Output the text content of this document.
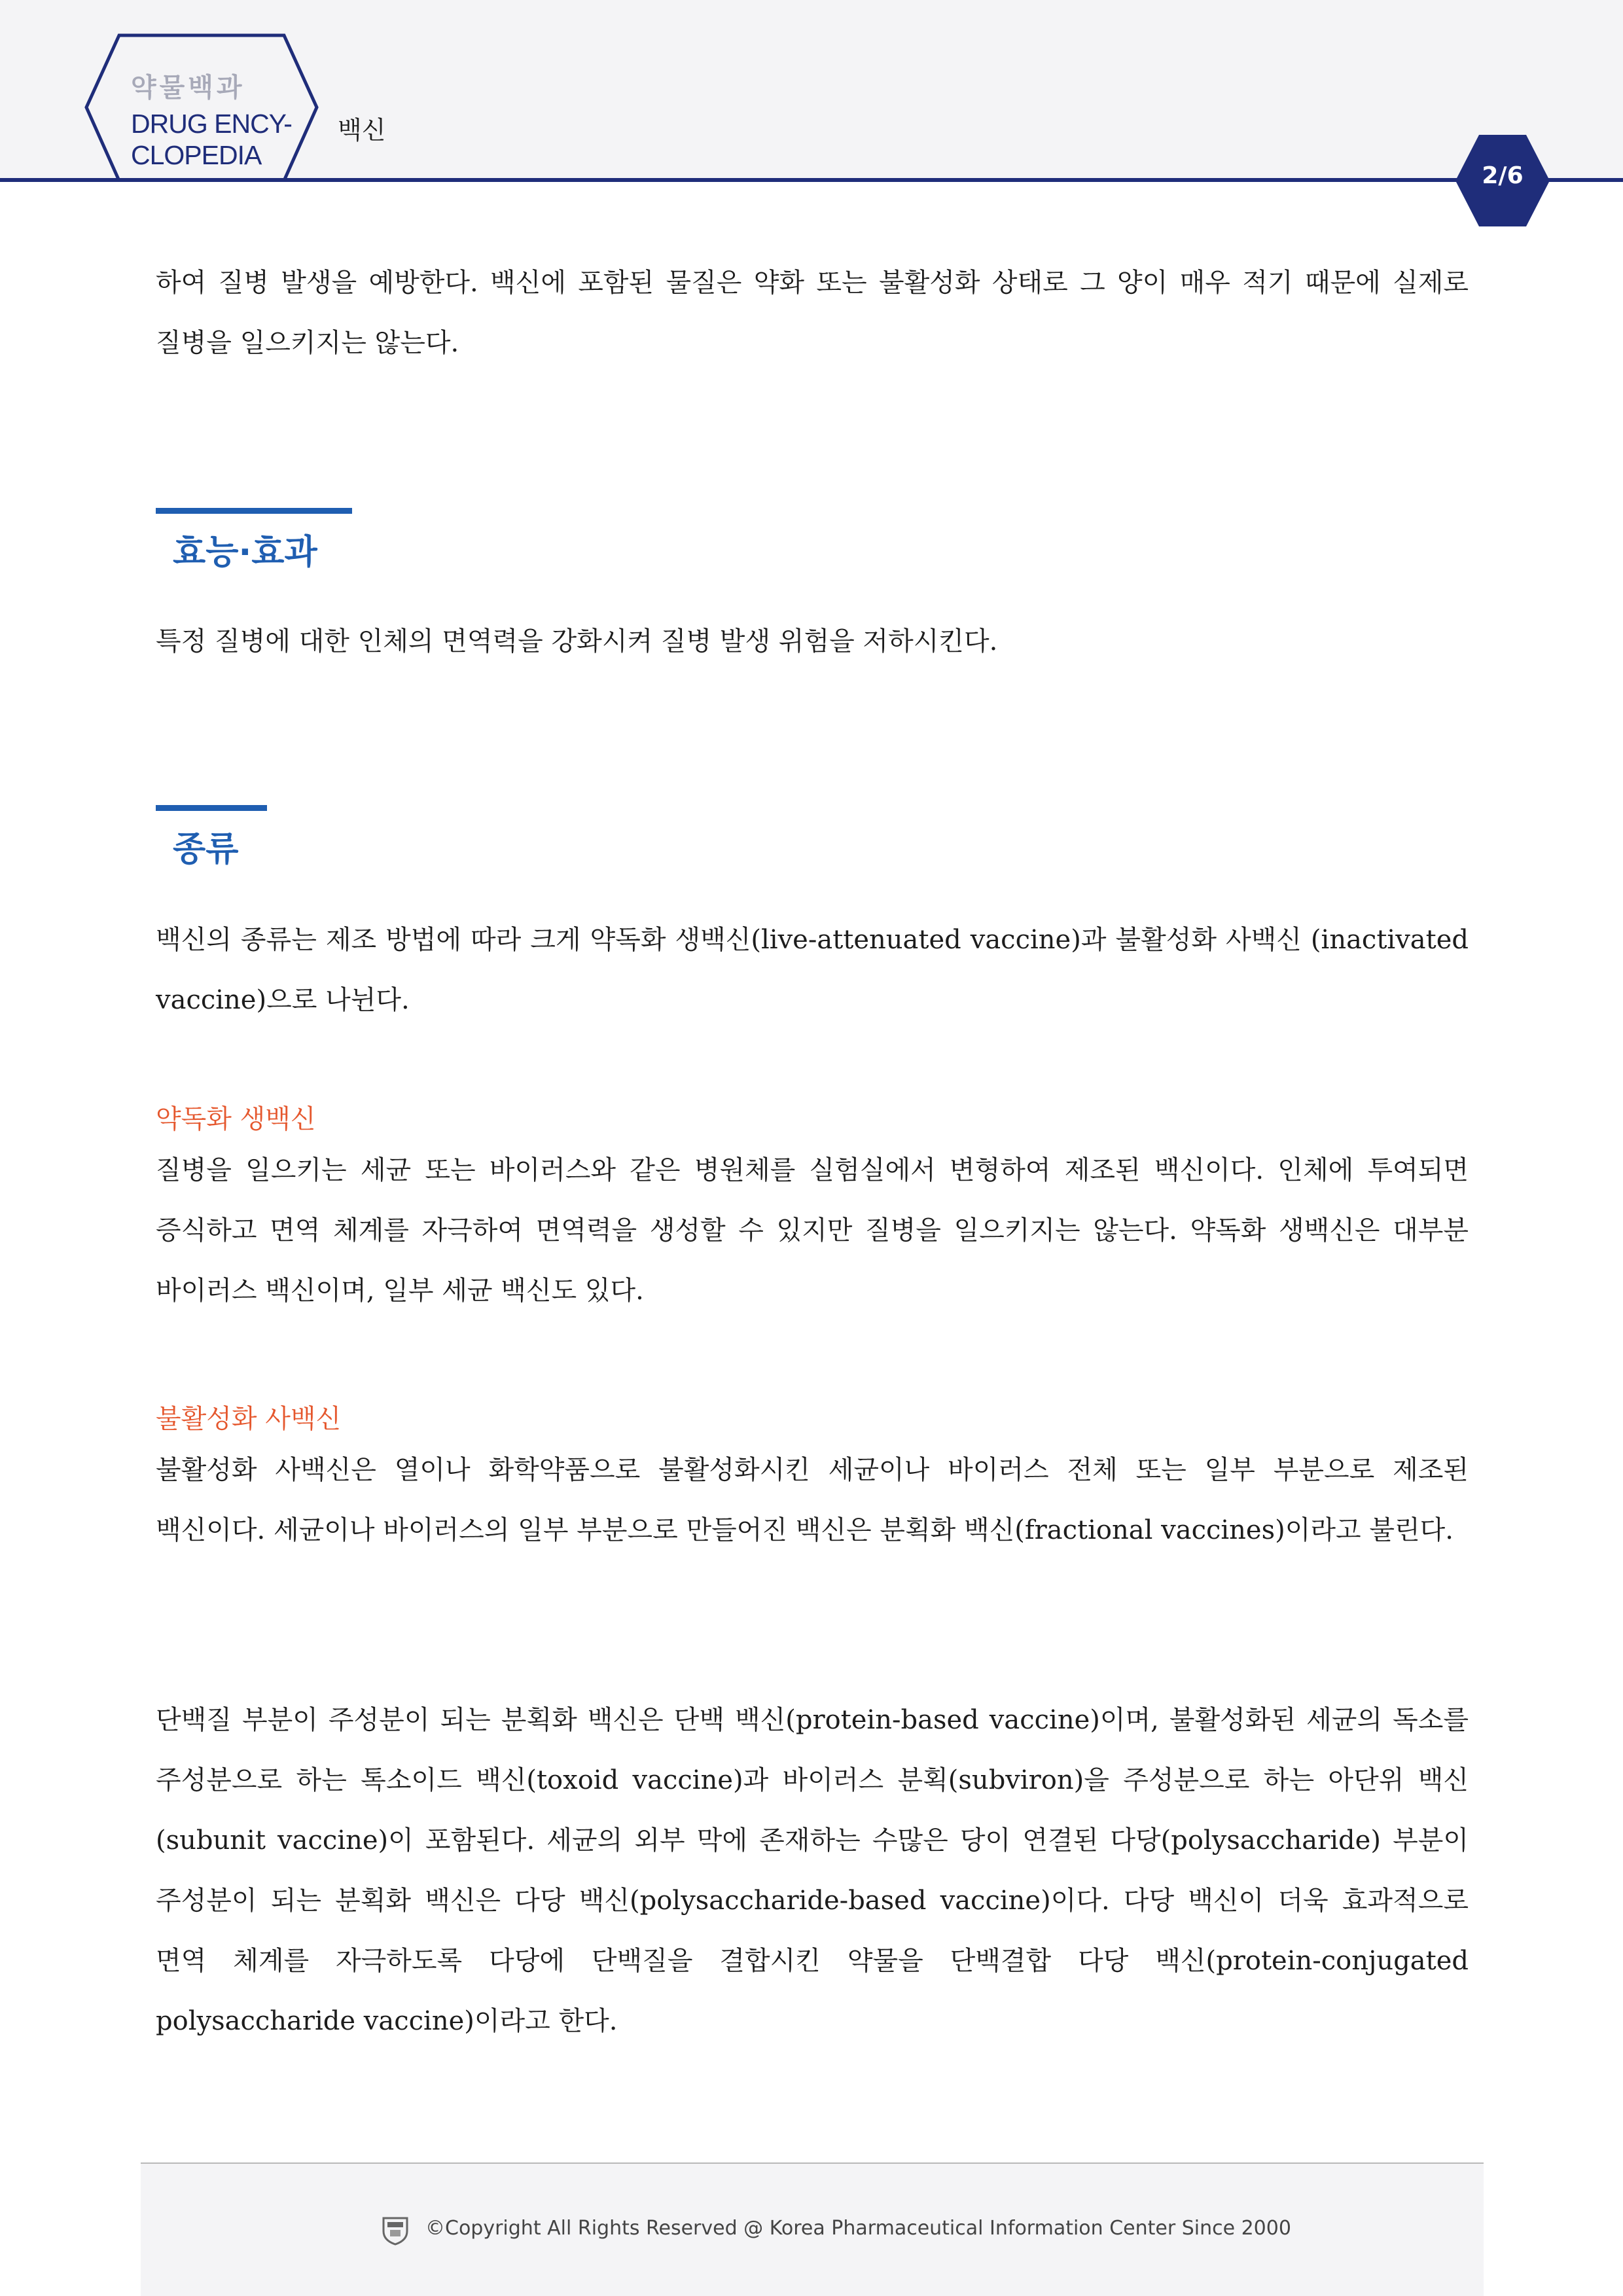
약물백과
DRUG ENCY-
CLOPEDIA
백신
2/6

하여 질병 발생을 예방한다. 백신에 포함된 물질은 약화 또는 불활성화 상태로 그 양이 매우 적기 때문에 실제로 질병을 일으키지는 않는다.

효능·효과

특정 질병에 대한 인체의 면역력을 강화시켜 질병 발생 위험을 저하시킨다.

종류

백신의 종류는 제조 방법에 따라 크게 약독화 생백신(live-attenuated vaccine)과 불활성화 사백신 (inactivated vaccine)으로 나뉜다.

약독화 생백신

질병을 일으키는 세균 또는 바이러스와 같은 병원체를 실험실에서 변형하여 제조된 백신이다. 인체에 투여되면 증식하고 면역 체계를 자극하여 면역력을 생성할 수 있지만 질병을 일으키지는 않는다. 약독화 생백신은 대부분 바이러스 백신이며, 일부 세균 백신도 있다.

불활성화 사백신

불활성화 사백신은 열이나 화학약품으로 불활성화시킨 세균이나 바이러스 전체 또는 일부 부분으로 제조된 백신이다. 세균이나 바이러스의 일부 부분으로 만들어진 백신은 분획화 백신(fractional vaccines)이라고 불린다.

단백질 부분이 주성분이 되는 분획화 백신은 단백 백신(protein-based vaccine)이며, 불활성화된 세균의 독소를 주성분으로 하는 톡소이드 백신(toxoid vaccine)과 바이러스 분획(subviron)을 주성분으로 하는 아단위 백신(subunit vaccine)이 포함된다. 세균의 외부 막에 존재하는 수많은 당이 연결된 다당(polysaccharide) 부분이 주성분이 되는 분획화 백신은 다당 백신(polysaccharide-based vaccine)이다. 다당 백신이 더욱 효과적으로 면역 체계를 자극하도록 다당에 단백질을 결합시킨 약물을 단백결합 다당 백신(protein-conjugated polysaccharide vaccine)이라고 한다.

©Copyright All Rights Reserved @ Korea Pharmaceutical Information Center Since 2000
